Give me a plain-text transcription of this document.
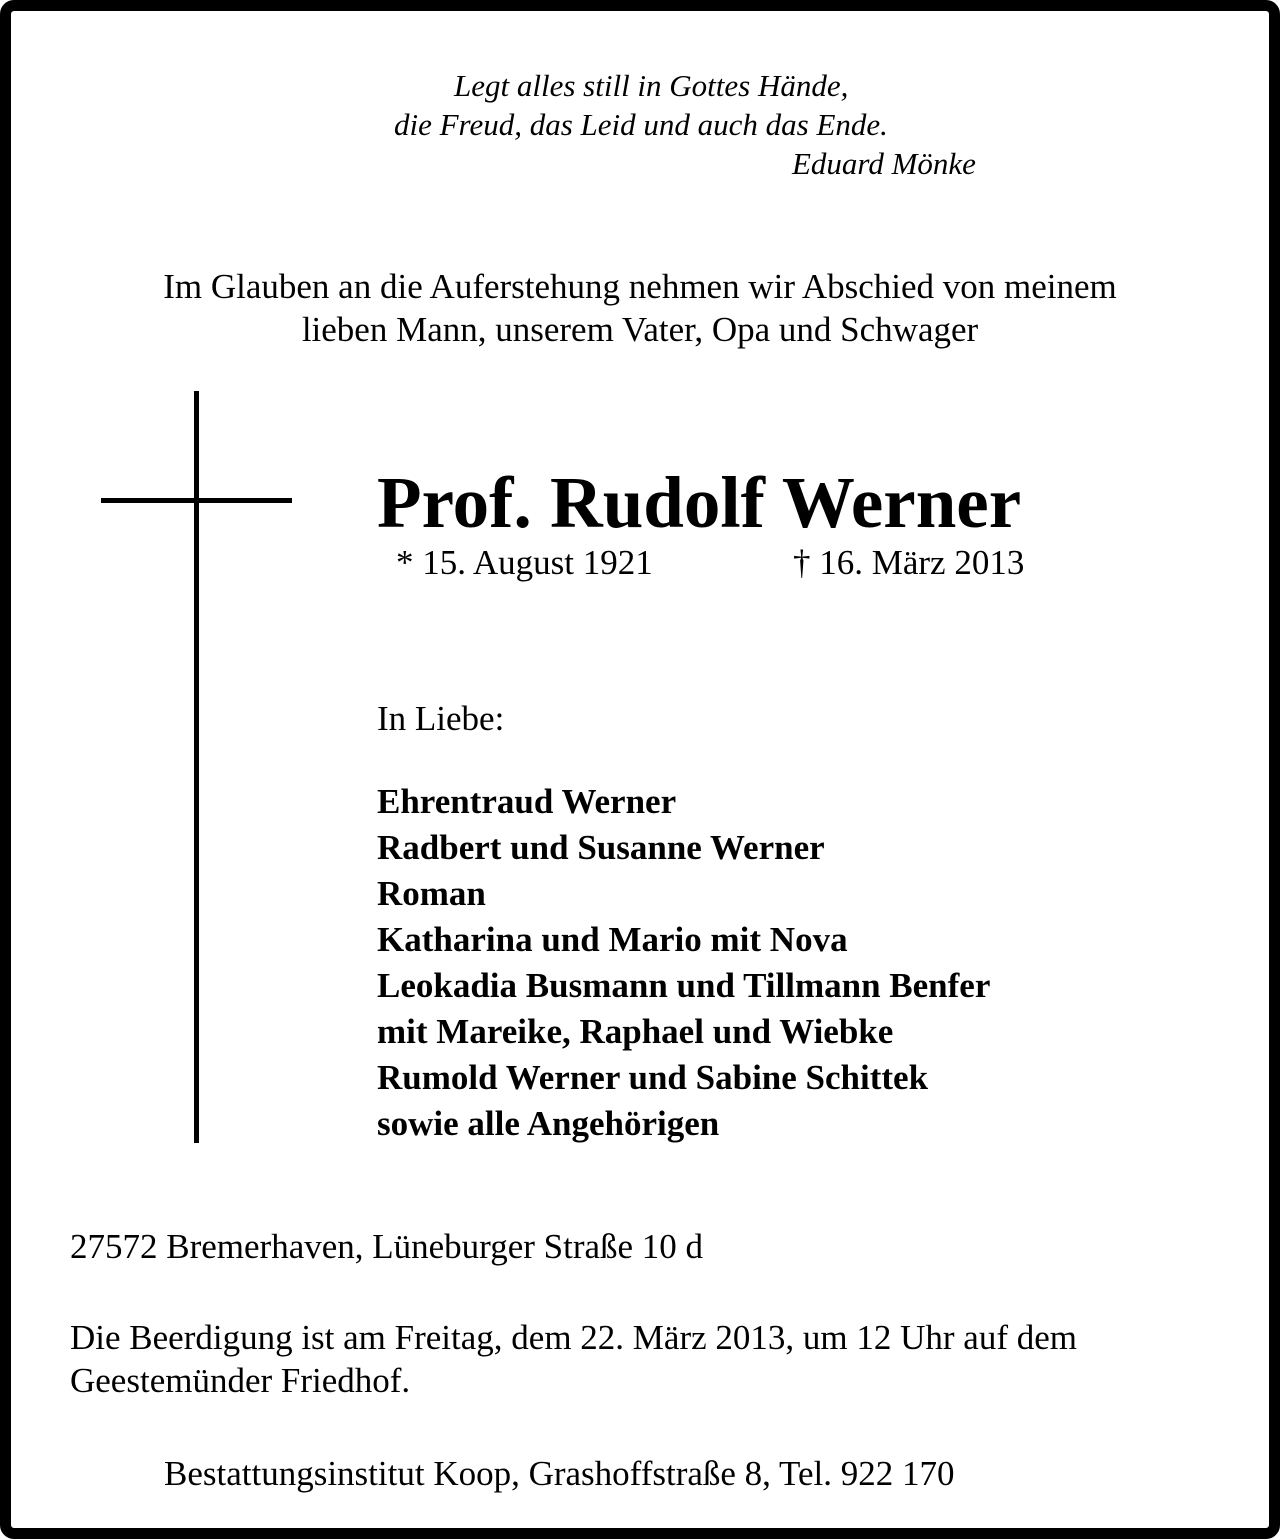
Legt alles still in Gottes Hände,
die Freud, das Leid und auch das Ende.
Eduard Mönke
Im Glauben an die Auferstehung nehmen wir Abschied von meinem
lieben Mann, unserem Vater, Opa und Schwager
Prof. Rudolf Werner
* 15. August 1921	† 16. März 2013
In Liebe:
Ehrentraud Werner
Radbert und Susanne Werner
Roman
Katharina und Mario mit Nova
Leokadia Busmann und Tillmann Benfer
mit Mareike, Raphael und Wiebke
Rumold Werner und Sabine Schittek
sowie alle Angehörigen
27572 Bremerhaven, Lüneburger Straße 10 d
Die Beerdigung ist am Freitag, dem 22. März 2013, um 12 Uhr auf dem Geestemünder Friedhof.
Bestattungsinstitut Koop, Grashoffstraße 8, Tel. 922 170
